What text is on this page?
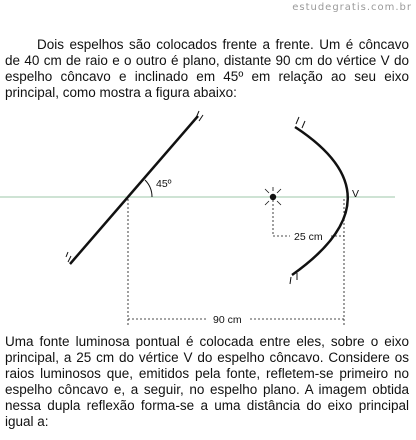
estudegratis.com.br

Dois espelhos são colocados frente a frente. Um é côncavo de 40 cm de raio e o outro é plano, distante 90 cm do vértice V do espelho côncavo e inclinado em 45º em relação ao seu eixo principal, como mostra a figura abaixo:

45º
V
25 cm
90 cm

Uma fonte luminosa pontual é colocada entre eles, sobre o eixo principal, a 25 cm do vértice V do espelho côncavo. Considere os raios luminosos que, emitidos pela fonte, refletem-se primeiro no espelho côncavo e, a seguir, no espelho plano. A imagem obtida nessa dupla reflexão forma-se a uma distância do eixo principal igual a:
